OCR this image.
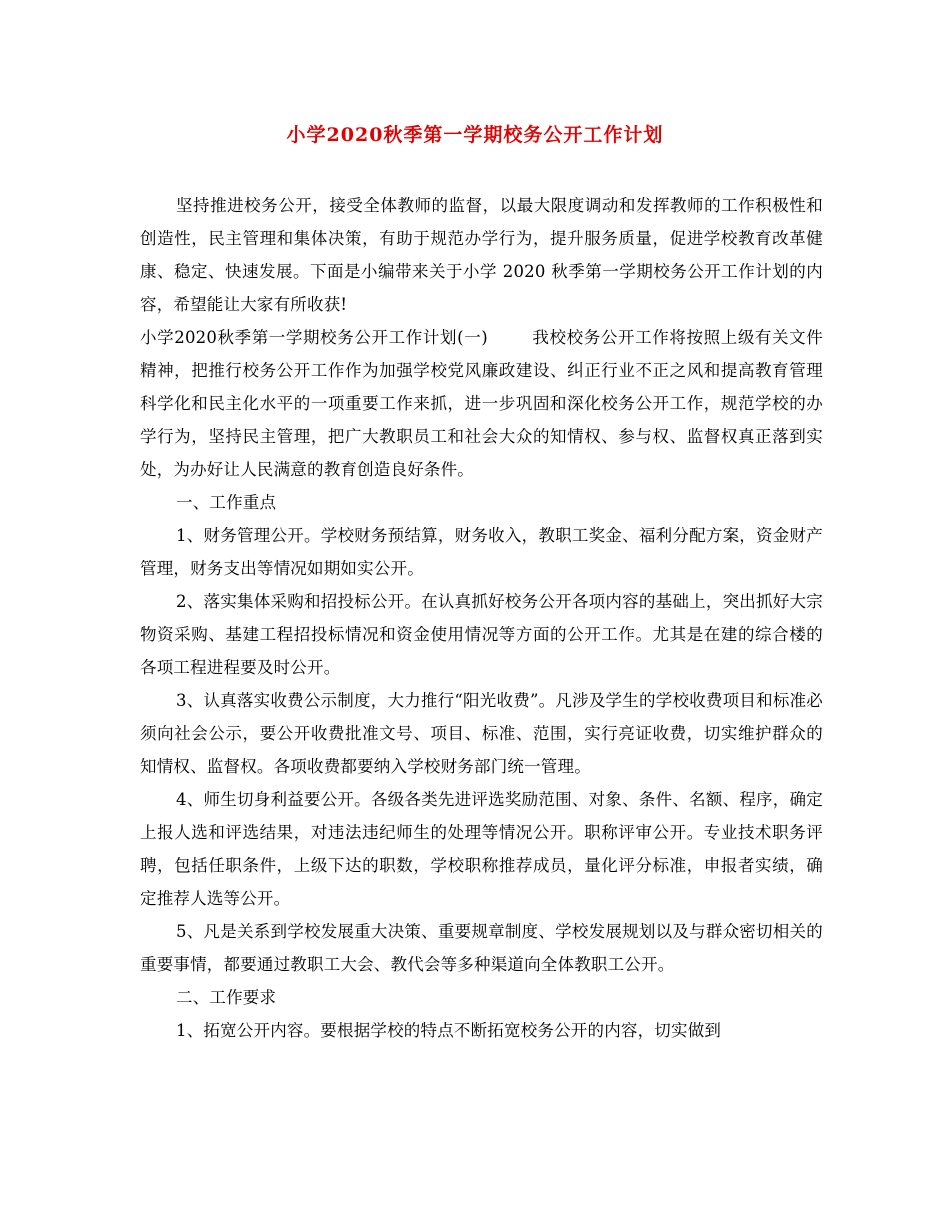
小学2020秋季第一学期校务公开工作计划

坚持推进校务公开，接受全体教师的监督，以最大限度调动和发挥教师的工作积极性和创造性，民主管理和集体决策，有助于规范办学行为，提升服务质量，促进学校教育改革健康、稳定、快速发展。下面是小编带来关于小学 2020 秋季第一学期校务公开工作计划的内容，希望能让大家有所收获!

小学2020秋季第一学期校务公开工作计划(一)	我校校务公开工作将按照上级有关文件精神，把推行校务公开工作作为加强学校党风廉政建设、纠正行业不正之风和提高教育管理科学化和民主化水平的一项重要工作来抓，进一步巩固和深化校务公开工作，规范学校的办学行为，坚持民主管理，把广大教职员工和社会大众的知情权、参与权、监督权真正落到实处，为办好让人民满意的教育创造良好条件。

一、工作重点

1、财务管理公开。学校财务预结算，财务收入，教职工奖金、福利分配方案，资金财产管理，财务支出等情况如期如实公开。

2、落实集体采购和招投标公开。在认真抓好校务公开各项内容的基础上，突出抓好大宗物资采购、基建工程招投标情况和资金使用情况等方面的公开工作。尤其是在建的综合楼的各项工程进程要及时公开。

3、认真落实收费公示制度，大力推行“阳光收费”。凡涉及学生的学校收费项目和标准必须向社会公示，要公开收费批准文号、项目、标准、范围，实行亮证收费，切实维护群众的知情权、监督权。各项收费都要纳入学校财务部门统一管理。

4、师生切身利益要公开。各级各类先进评选奖励范围、对象、条件、名额、程序，确定上报人选和评选结果，对违法违纪师生的处理等情况公开。职称评审公开。专业技术职务评聘，包括任职条件，上级下达的职数，学校职称推荐成员，量化评分标准，申报者实绩，确定推荐人选等公开。

5、凡是关系到学校发展重大决策、重要规章制度、学校发展规划以及与群众密切相关的重要事情，都要通过教职工大会、教代会等多种渠道向全体教职工公开。

二、工作要求

1、拓宽公开内容。要根据学校的特点不断拓宽校务公开的内容，切实做到
